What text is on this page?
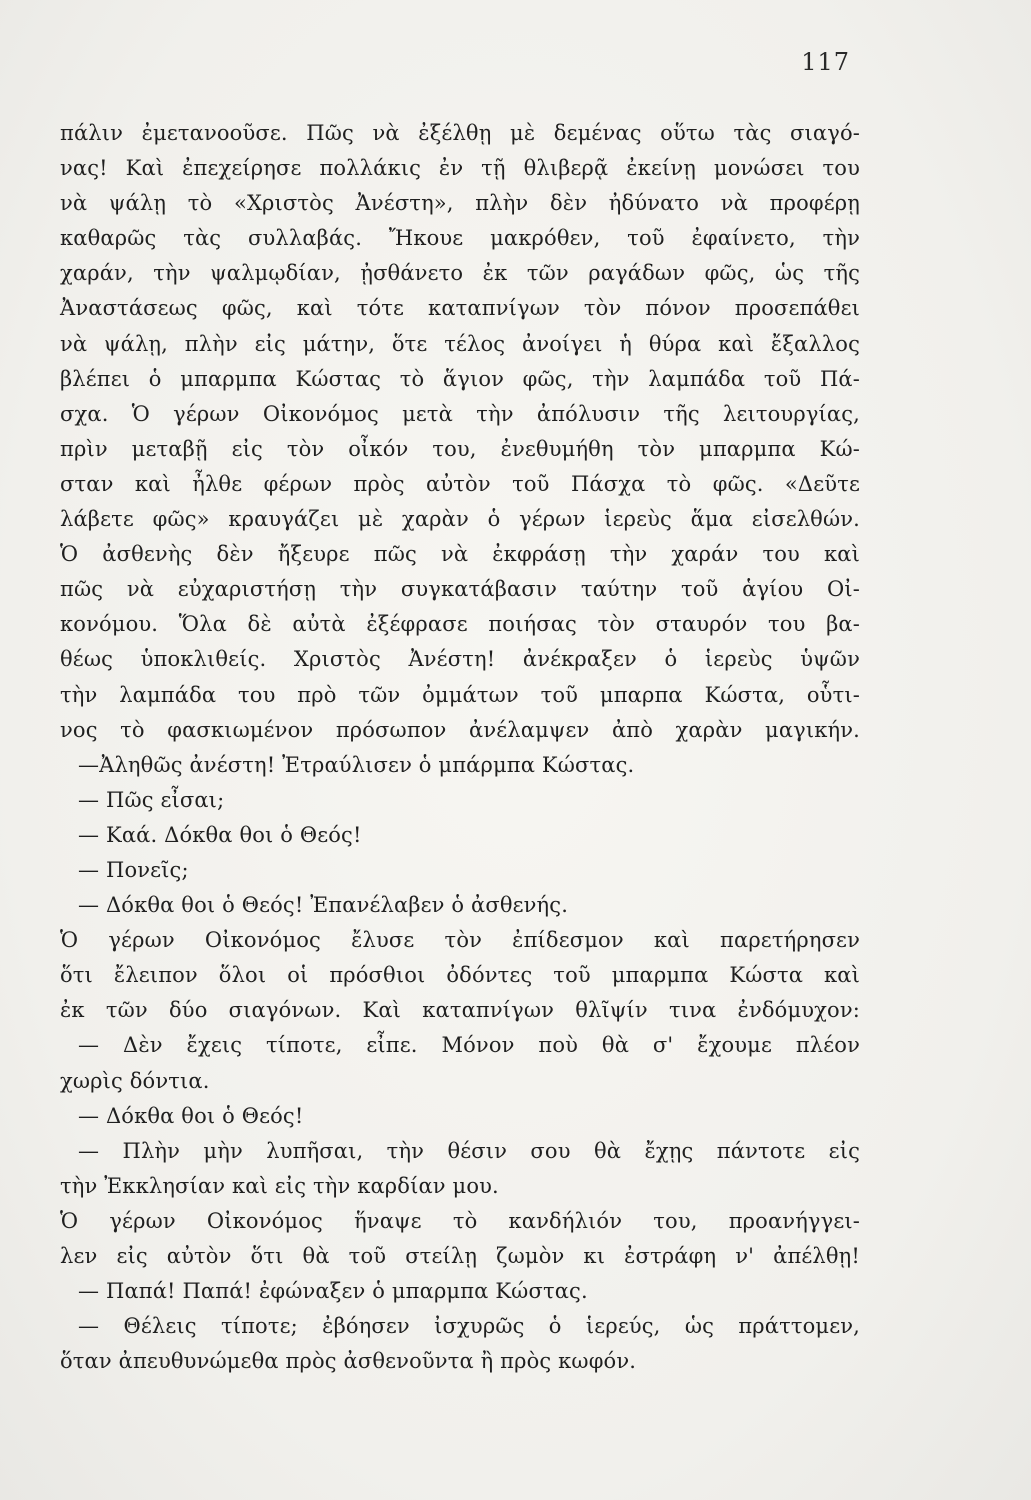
117
πάλιν ἐμετανοοῦσε. Πῶς νὰ ἐξέλθῃ μὲ δεμένας οὕτω τὰς σιαγό-
νας! Καὶ ἐπεχείρησε πολλάκις ἐν τῇ θλιβερᾷ ἐκείνῃ μονώσει του
νὰ ψάλῃ τὸ «Χριστὸς Ἀνέστη», πλὴν δὲν ἠδύνατο νὰ προφέρῃ
καθαρῶς τὰς συλλαβάς. Ἤκουε μακρόθεν, τοῦ ἐφαίνετο, τὴν
χαράν, τὴν ψαλμῳδίαν, ᾐσθάνετο ἐκ τῶν ραγάδων φῶς, ὡς τῆς
Ἀναστάσεως φῶς, καὶ τότε καταπνίγων τὸν πόνον προσεπάθει
νὰ ψάλῃ, πλὴν εἰς μάτην, ὅτε τέλος ἀνοίγει ἡ θύρα καὶ ἔξαλλος
βλέπει ὁ μπαρμπα Κώστας τὸ ἅγιον φῶς, τὴν λαμπάδα τοῦ Πά-
σχα. Ὁ γέρων Οἰκονόμος μετὰ τὴν ἀπόλυσιν τῆς λειτουργίας,
πρὶν μεταβῇ εἰς τὸν οἶκόν του, ἐνεθυμήθη τὸν μπαρμπα Κώ-
σταν καὶ ἦλθε φέρων πρὸς αὐτὸν τοῦ Πάσχα τὸ φῶς. «Δεῦτε
λάβετε φῶς» κραυγάζει μὲ χαρὰν ὁ γέρων ἱερεὺς ἅμα εἰσελθών.
Ὁ ἀσθενὴς δὲν ἤξευρε πῶς νὰ ἐκφράσῃ τὴν χαράν του καὶ
πῶς νὰ εὐχαριστήσῃ τὴν συγκατάβασιν ταύτην τοῦ ἁγίου Οἰ-
κονόμου. Ὅλα δὲ αὐτὰ ἐξέφρασε ποιήσας τὸν σταυρόν του βα-
θέως ὑποκλιθείς. Χριστὸς Ἀνέστη! ἀνέκραξεν ὁ ἱερεὺς ὑψῶν
τὴν λαμπάδα του πρὸ τῶν ὀμμάτων τοῦ μπαρπα Κώστα, οὗτι-
νος τὸ φασκιωμένον πρόσωπον ἀνέλαμψεν ἀπὸ χαρὰν μαγικήν.
—Ἀληθῶς ἀνέστη! Ἐτραύλισεν ὁ μπάρμπα Κώστας.
— Πῶς εἶσαι;
— Καά. Δόκθα θοι ὁ Θεός!
— Πονεῖς;
— Δόκθα θοι ὁ Θεός! Ἐπανέλαβεν ὁ ἀσθενής.
Ὁ γέρων Οἰκονόμος ἔλυσε τὸν ἐπίδεσμον καὶ παρετήρησεν
ὅτι ἔλειπον ὅλοι οἱ πρόσθιοι ὀδόντες τοῦ μπαρμπα Κώστα καὶ
ἐκ τῶν δύο σιαγόνων. Καὶ καταπνίγων θλῖψίν τινα ἐνδόμυχον:
— Δὲν ἔχεις τίποτε, εἶπε. Μόνον ποὺ θὰ σ' ἔχουμε πλέον
χωρὶς δόντια.
— Δόκθα θοι ὁ Θεός!
— Πλὴν μὴν λυπῆσαι, τὴν θέσιν σου θὰ ἔχῃς πάντοτε εἰς
τὴν Ἐκκλησίαν καὶ εἰς τὴν καρδίαν μου.
Ὁ γέρων Οἰκονόμος ἥναψε τὸ κανδήλιόν του, προανήγγει-
λεν εἰς αὐτὸν ὅτι θὰ τοῦ στείλῃ ζωμὸν κι ἐστράφη ν' ἀπέλθῃ!
— Παπά! Παπά! ἐφώναξεν ὁ μπαρμπα Κώστας.
— Θέλεις τίποτε; ἐβόησεν ἰσχυρῶς ὁ ἱερεύς, ὡς πράττομεν,
ὅταν ἀπευθυνώμεθα πρὸς ἀσθενοῦντα ἢ πρὸς κωφόν.
